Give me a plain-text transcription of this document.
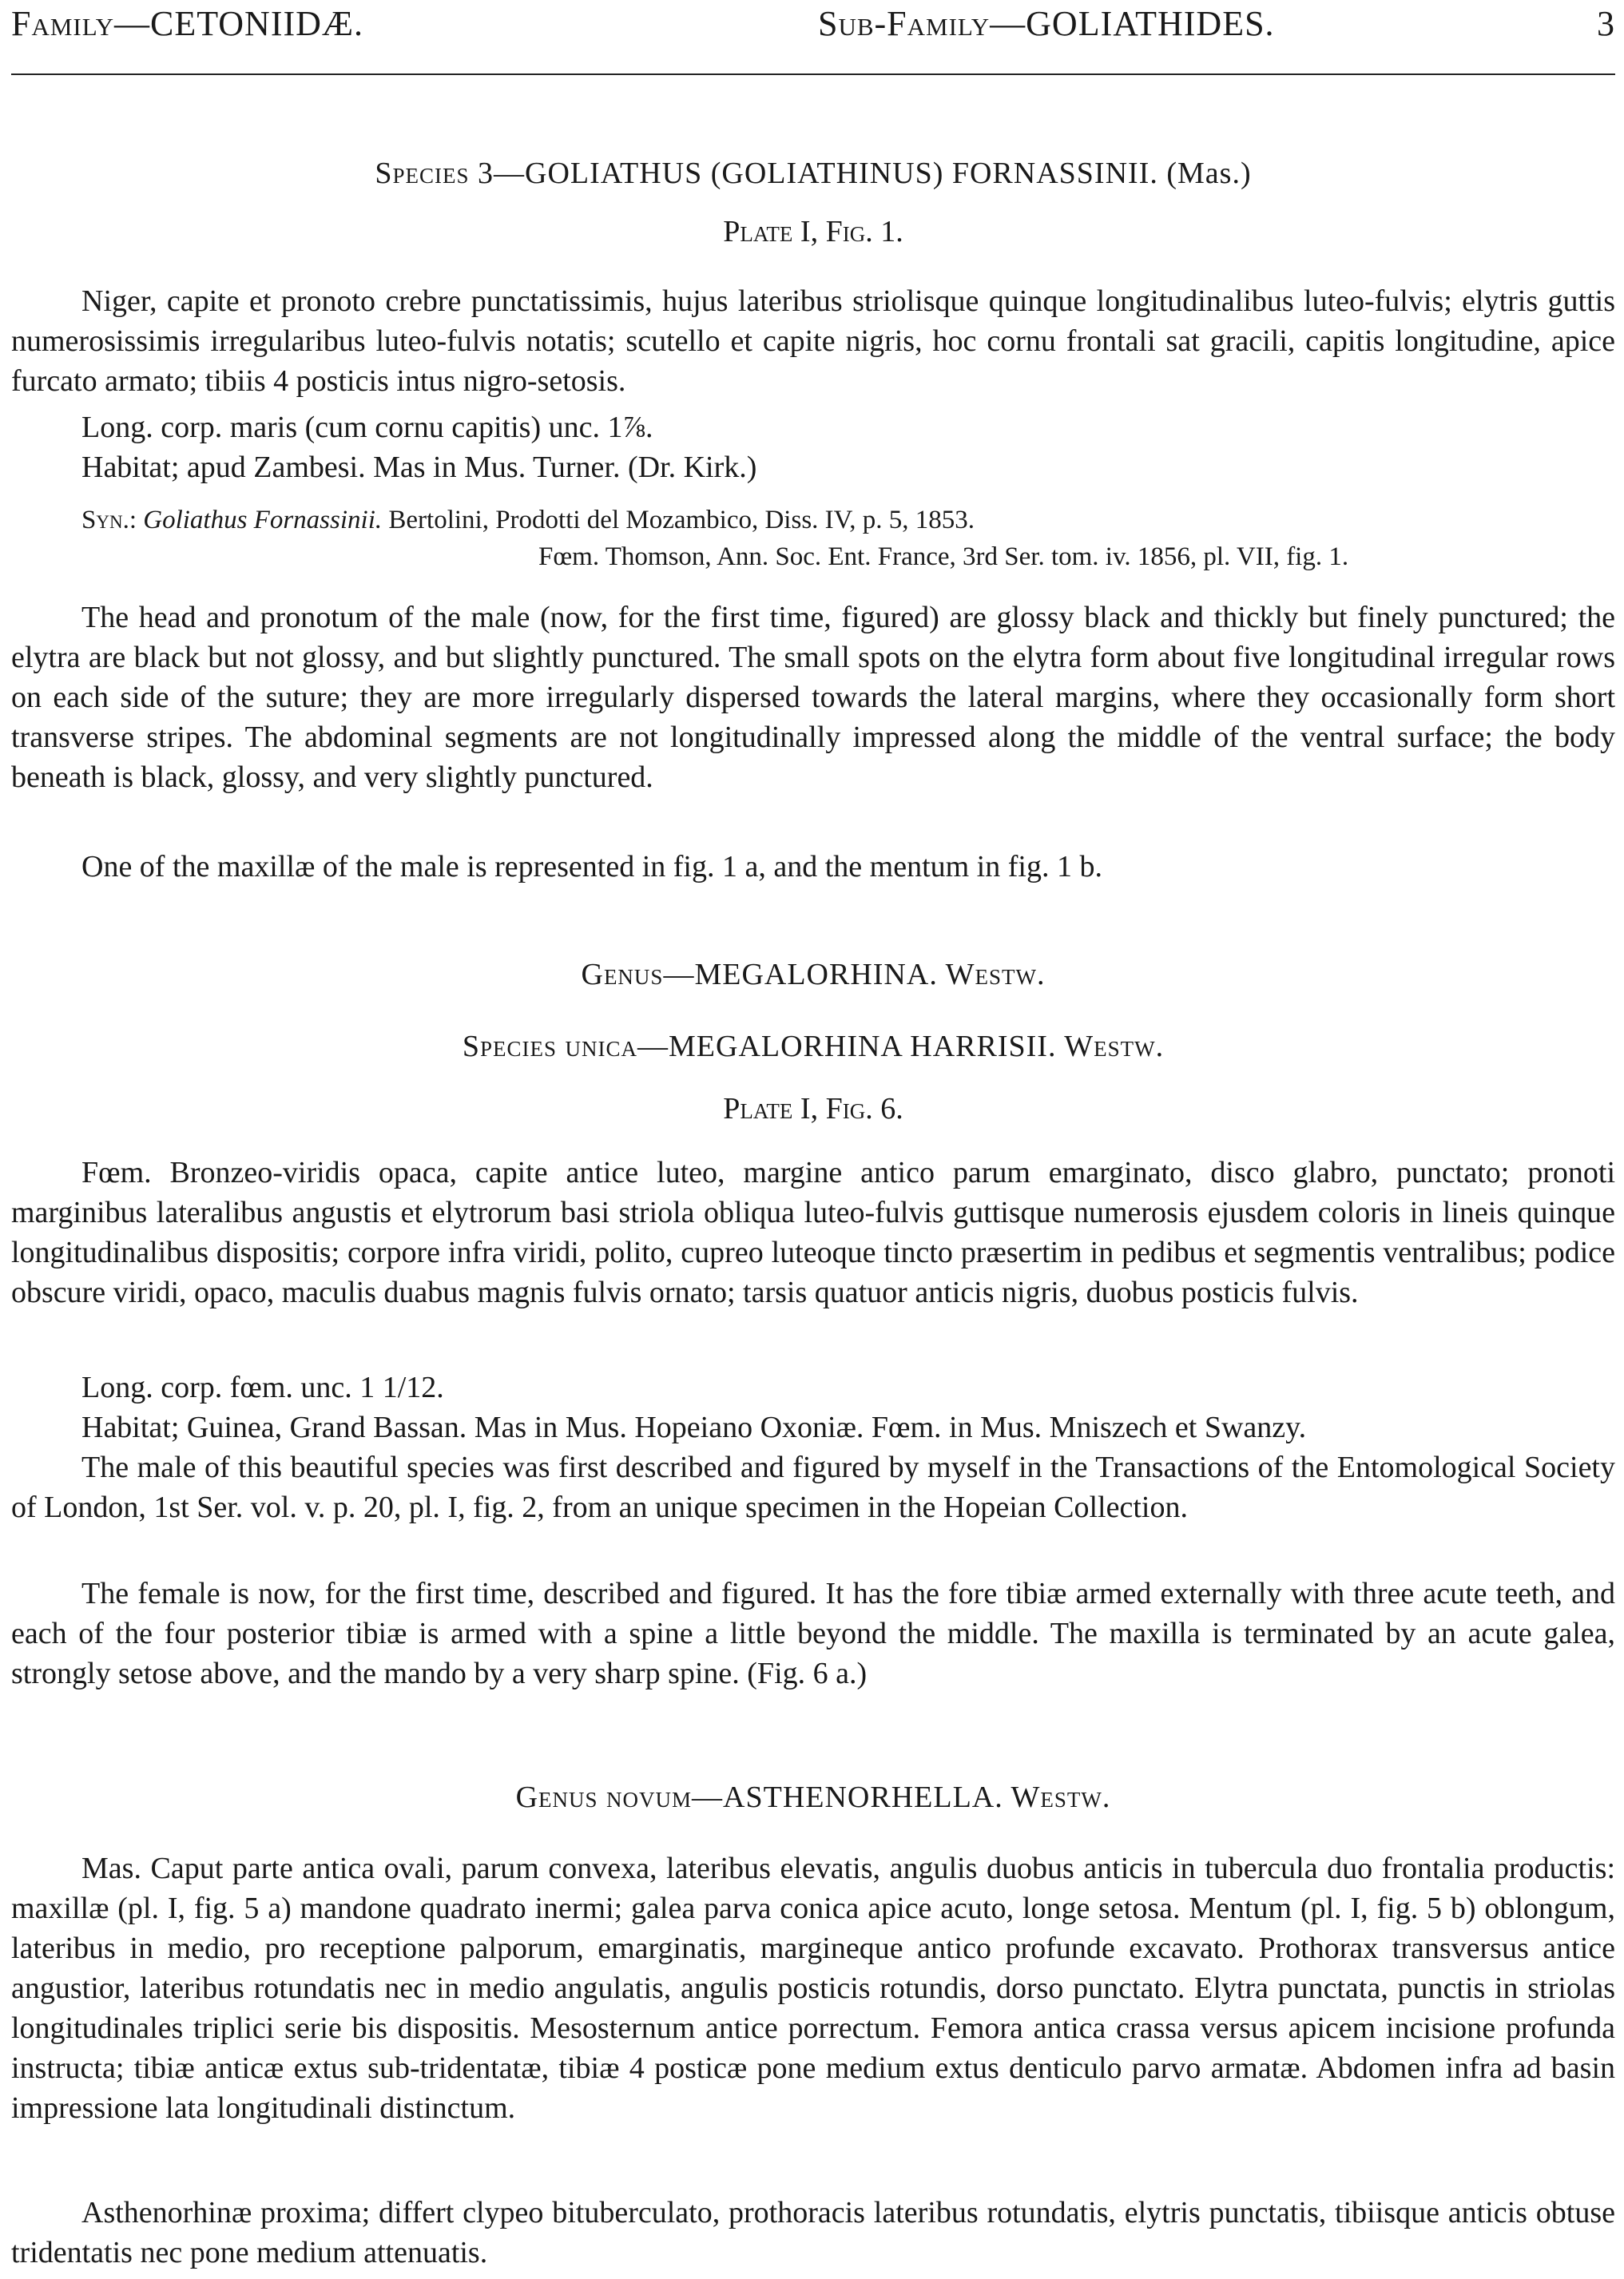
Family—CETONIIDÆ.	Sub-Family—GOLIATHIDES.	3
Species 3—GOLIATHUS (GOLIATHINUS) FORNASSINII. (Mas.)
Plate I, Fig. 1.
Niger, capite et pronoto crebre punctatissimis, hujus lateribus striolisque quinque longitudinalibus luteo-fulvis; elytris guttis numerosissimis irregularibus luteo-fulvis notatis; scutello et capite nigris, hoc cornu frontali sat gracili, capitis longitudine, apice furcato armato; tibiis 4 posticis intus nigro-setosis.
Long. corp. maris (cum cornu capitis) unc. 1⅞.
Habitat; apud Zambesi. Mas in Mus. Turner. (Dr. Kirk.)
Syn.: Goliathus Fornassinii. Bertolini, Prodotti del Mozambico, Diss. IV, p. 5, 1853.
Fœm. Thomson, Ann. Soc. Ent. France, 3rd Ser. tom. iv. 1856, pl. VII, fig. 1.
The head and pronotum of the male (now, for the first time, figured) are glossy black and thickly but finely punctured; the elytra are black but not glossy, and but slightly punctured. The small spots on the elytra form about five longitudinal irregular rows on each side of the suture; they are more irregularly dispersed towards the lateral margins, where they occasionally form short transverse stripes. The abdominal segments are not longitudinally impressed along the middle of the ventral surface; the body beneath is black, glossy, and very slightly punctured.
One of the maxillæ of the male is represented in fig. 1 a, and the mentum in fig. 1 b.
Genus—MEGALORHINA. Westw.
Species unica—MEGALORHINA HARRISII. Westw.
Plate I, Fig. 6.
Fœm. Bronzeo-viridis opaca, capite antice luteo, margine antico parum emarginato, disco glabro, punctato; pronoti marginibus lateralibus angustis et elytrorum basi striola obliqua luteo-fulvis guttisque numerosis ejusdem coloris in lineis quinque longitudinalibus dispositis; corpore infra viridi, polito, cupreo luteoque tincto præsertim in pedibus et segmentis ventralibus; podice obscure viridi, opaco, maculis duabus magnis fulvis ornato; tarsis quatuor anticis nigris, duobus posticis fulvis.
Long. corp. fœm. unc. 1 1/12.
Habitat; Guinea, Grand Bassan. Mas in Mus. Hopeiano Oxoniæ. Fœm. in Mus. Mniszech et Swanzy.
The male of this beautiful species was first described and figured by myself in the Transactions of the Entomological Society of London, 1st Ser. vol. v. p. 20, pl. I, fig. 2, from an unique specimen in the Hopeian Collection.
The female is now, for the first time, described and figured. It has the fore tibiæ armed externally with three acute teeth, and each of the four posterior tibiæ is armed with a spine a little beyond the middle. The maxilla is terminated by an acute galea, strongly setose above, and the mando by a very sharp spine. (Fig. 6 a.)
Genus novum—ASTHENORHELLA. Westw.
Mas. Caput parte antica ovali, parum convexa, lateribus elevatis, angulis duobus anticis in tubercula duo frontalia productis: maxillæ (pl. I, fig. 5 a) mandone quadrato inermi; galea parva conica apice acuto, longe setosa. Mentum (pl. I, fig. 5 b) oblongum, lateribus in medio, pro receptione palporum, emarginatis, margineque antico profunde excavato. Prothorax transversus antice angustior, lateribus rotundatis nec in medio angulatis, angulis posticis rotundis, dorso punctato. Elytra punctata, punctis in striolas longitudinales triplici serie bis dispositis. Mesosternum antice porrectum. Femora antica crassa versus apicem incisione profunda instructa; tibiæ anticæ extus sub-tridentatæ, tibiæ 4 posticæ pone medium extus denticulo parvo armatæ. Abdomen infra ad basin impressione lata longitudinali distinctum.
Asthenorhinæ proxima; differt clypeo bituberculato, prothoracis lateribus rotundatis, elytris punctatis, tibiisque anticis obtuse tridentatis nec pone medium attenuatis.
